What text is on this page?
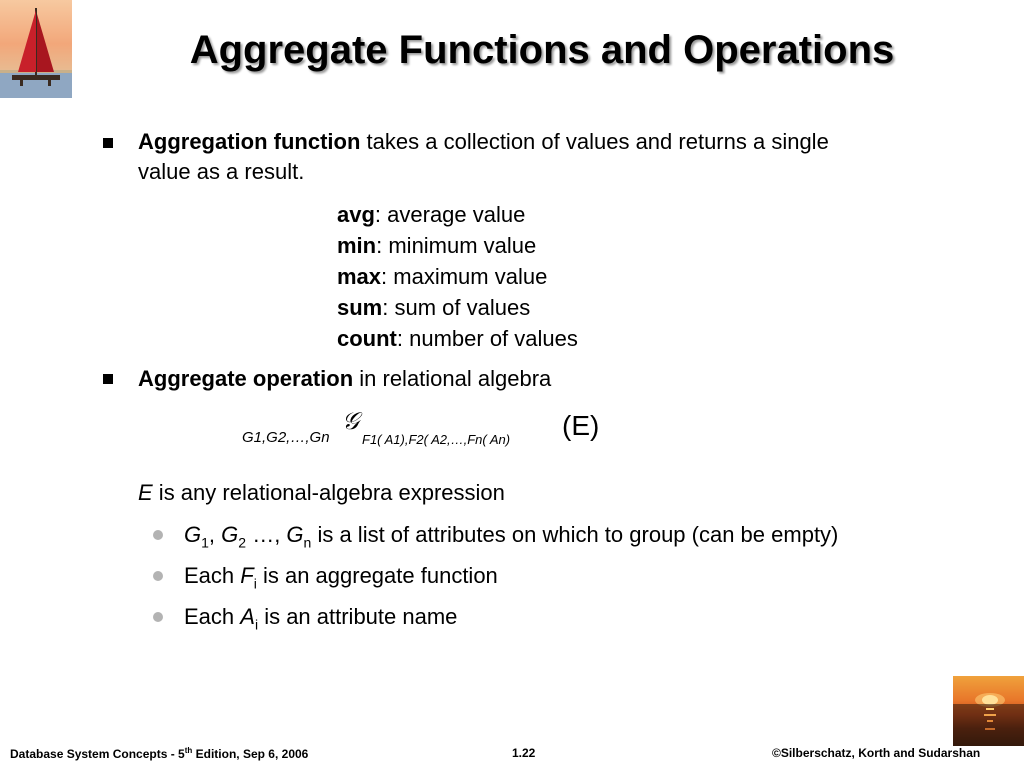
Aggregate Functions and Operations
Aggregation function takes a collection of values and returns a single
value as a result.
avg: average value
min: minimum value
max: maximum value
sum: sum of values
count: number of values
Aggregate operation in relational algebra
G1,G2,…,Gn
𝒢
F1( A1),F2( A2,…,Fn( An) (E)
E is any relational-algebra expression
$G_1$, $G_2$ …, $G_n$ is a list of attributes on which to group (can be empty)
Each $F_i$ is an aggregate function
Each $A_i$ is an attribute name
Database System Concepts - 5th Edition, Sep 6, 2006	1.22	©Silberschatz, Korth and Sudarshan
